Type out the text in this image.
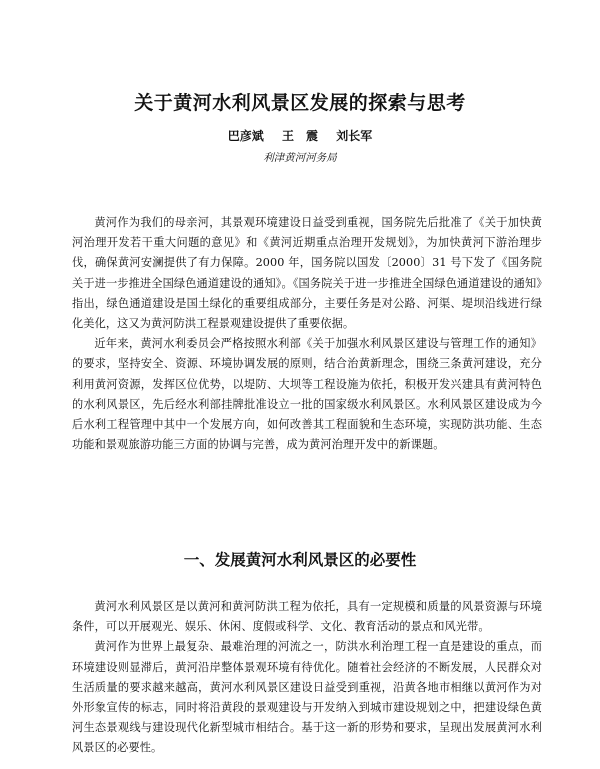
关于黄河水利风景区发展的探索与思考
巴彦斌 王　震 刘长军
利津黄河河务局

黄河作为我们的母亲河，其景观环境建设日益受到重视，国务院先后批准了《关于加快黄河治理开发若干重大问题的意见》和《黄河近期重点治理开发规划》，为加快黄河下游治理步伐，确保黄河安澜提供了有力保障。2000 年，国务院以国发〔2000〕31 号下发了《国务院关于进一步推进全国绿色通道建设的通知》。《国务院关于进一步推进全国绿色通道建设的通知》指出，绿色通道建设是国土绿化的重要组成部分，主要任务是对公路、河渠、堤坝沿线进行绿化美化，这又为黄河防洪工程景观建设提供了重要依据。

近年来，黄河水利委员会严格按照水利部《关于加强水利风景区建设与管理工作的通知》的要求，坚持安全、资源、环境协调发展的原则，结合治黄新理念，围绕三条黄河建设，充分利用黄河资源，发挥区位优势，以堤防、大坝等工程设施为依托，积极开发兴建具有黄河特色的水利风景区，先后经水利部挂牌批准设立一批的国家级水利风景区。水利风景区建设成为今后水利工程管理中其中一个发展方向，如何改善其工程面貌和生态环境，实现防洪功能、生态功能和景观旅游功能三方面的协调与完善，成为黄河治理开发中的新课题。

一、发展黄河水利风景区的必要性

黄河水利风景区是以黄河和黄河防洪工程为依托，具有一定规模和质量的风景资源与环境条件，可以开展观光、娱乐、休闲、度假或科学、文化、教育活动的景点和风光带。

黄河作为世界上最复杂、最难治理的河流之一，防洪水利治理工程一直是建设的重点，而环境建设则显滞后，黄河沿岸整体景观环境有待优化。随着社会经济的不断发展，人民群众对生活质量的要求越来越高，黄河水利风景区建设日益受到重视，沿黄各地市相继以黄河作为对外形象宣传的标志，同时将沿黄段的景观建设与开发纳入到城市建设规划之中，把建设绿色黄河生态景观线与建设现代化新型城市相结合。基于这一新的形势和要求，呈现出发展黄河水利风景区的必要性。
